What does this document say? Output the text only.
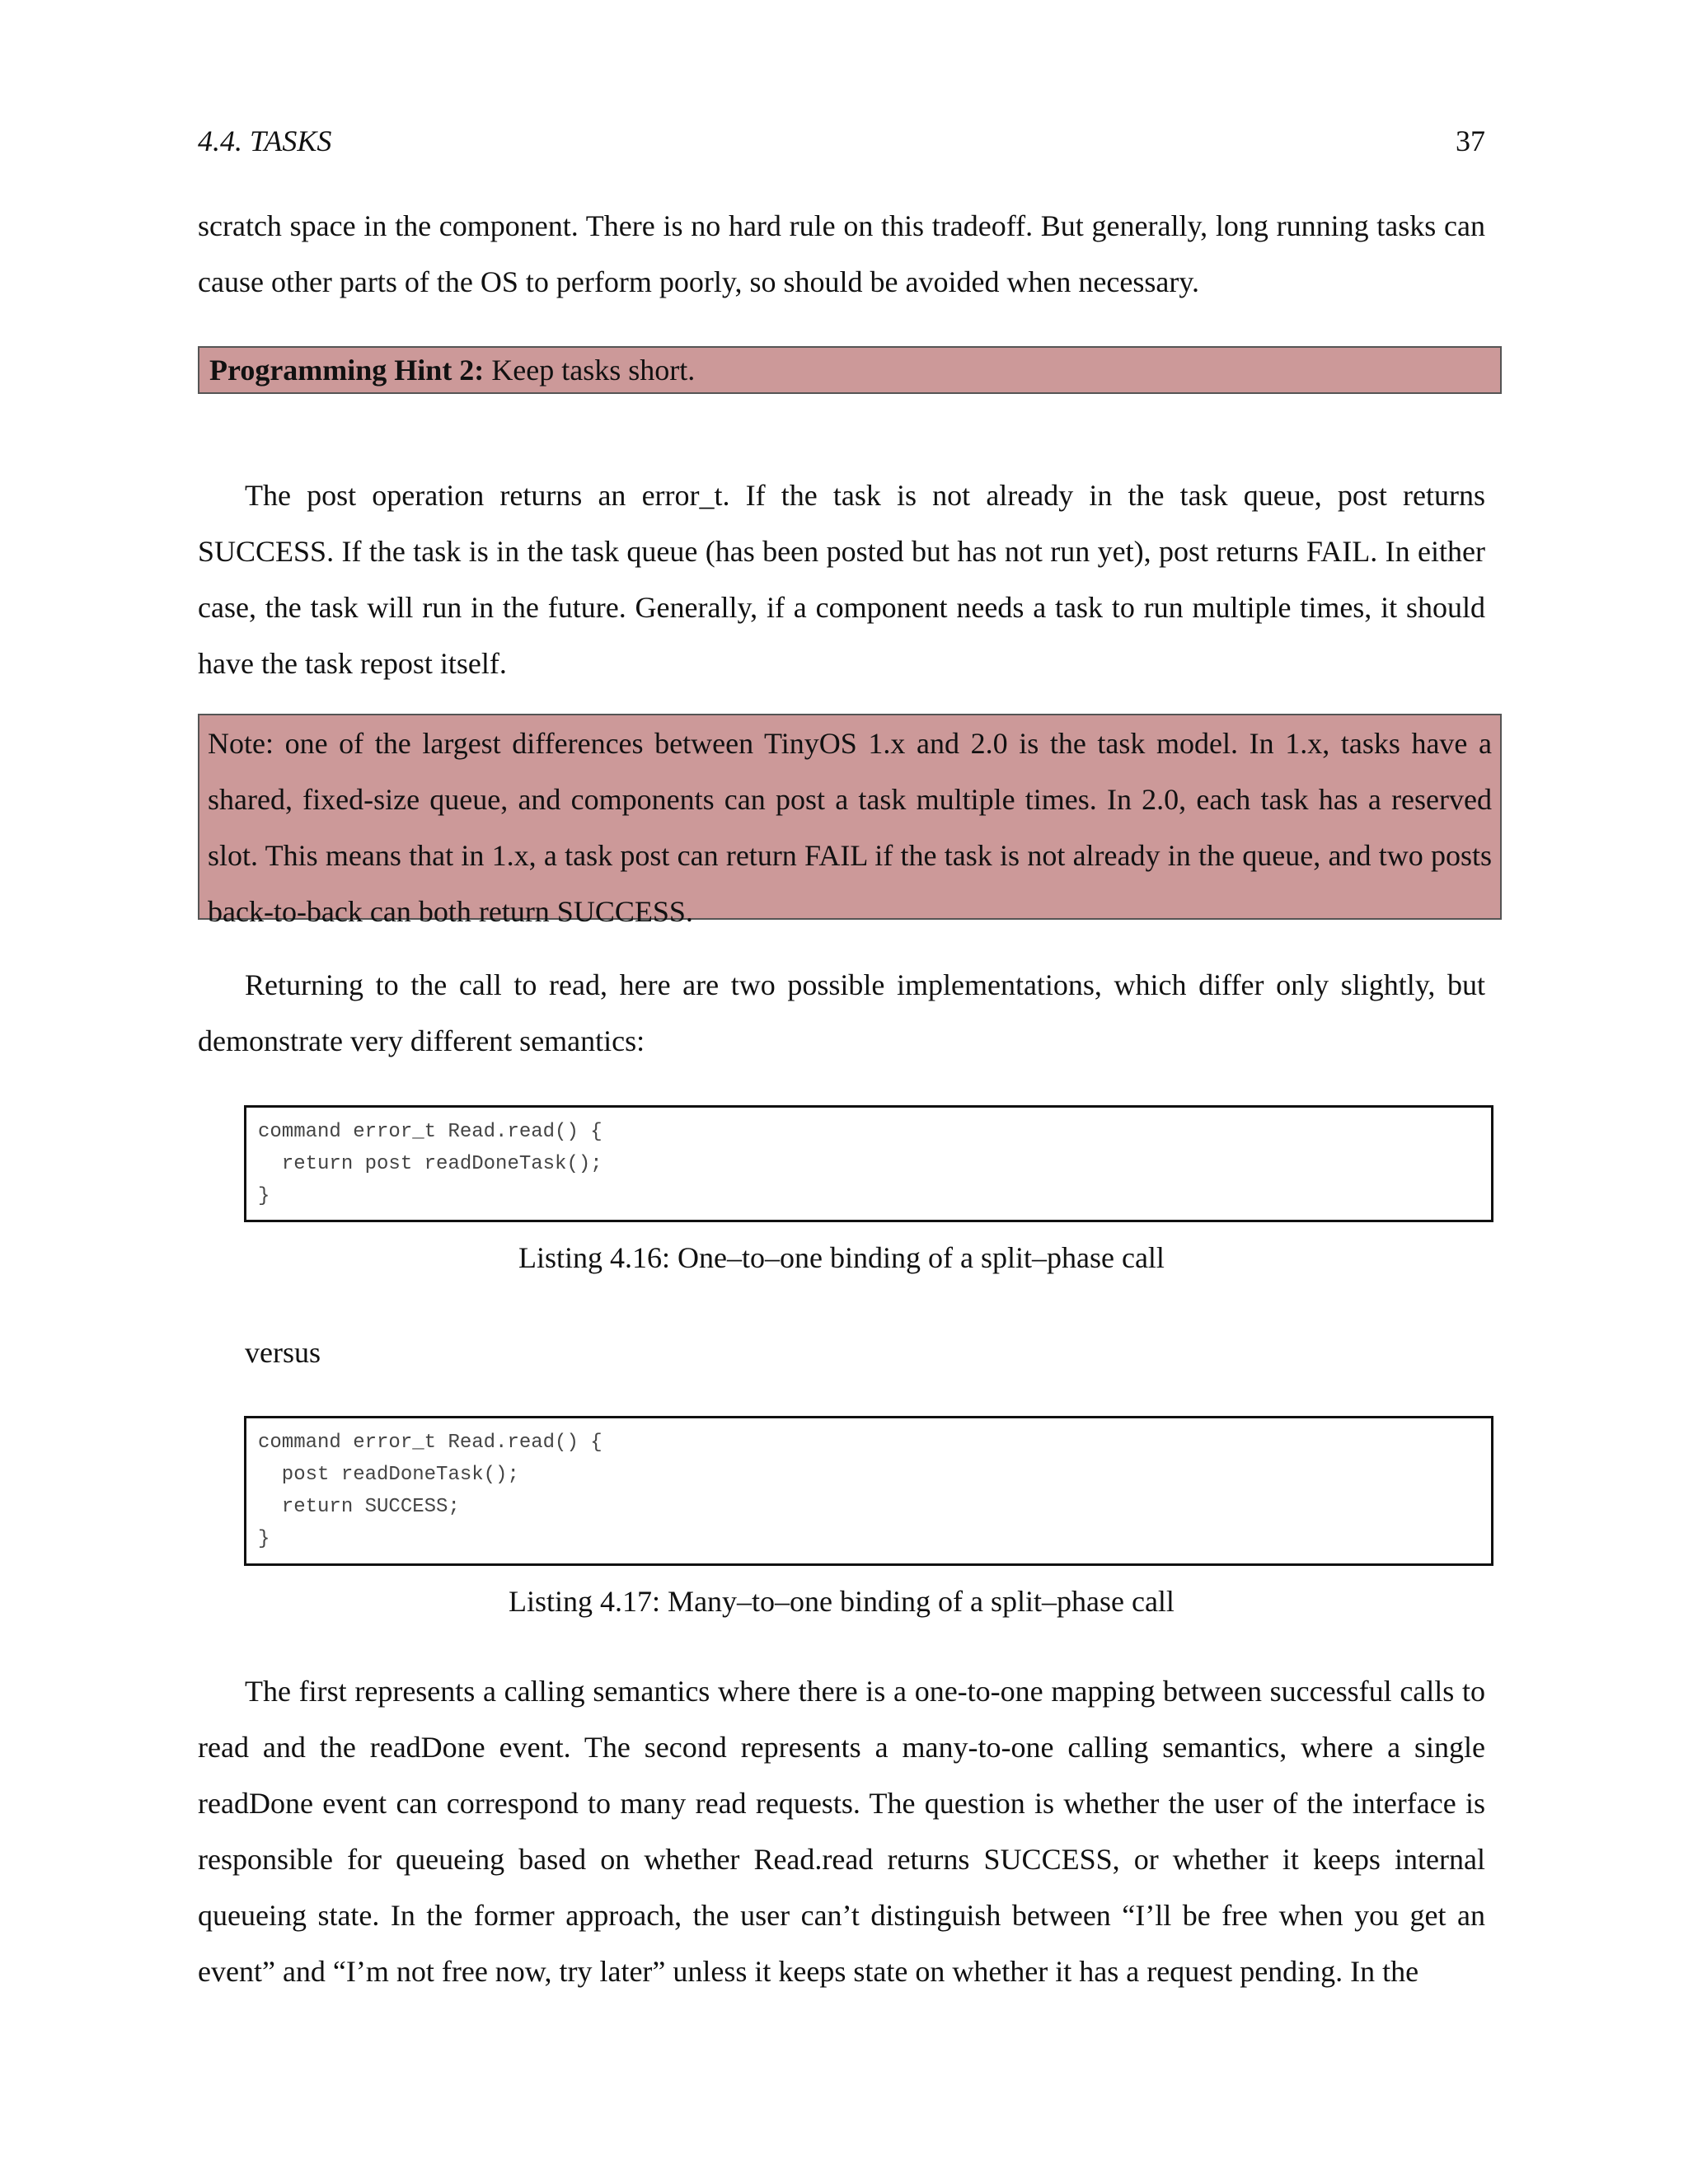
4.4. TASKS	37

scratch space in the component. There is no hard rule on this tradeoff. But generally, long running tasks can cause other parts of the OS to perform poorly, so should be avoided when necessary.

Programming Hint 2: Keep tasks short.

The post operation returns an error_t. If the task is not already in the task queue, post returns SUCCESS. If the task is in the task queue (has been posted but has not run yet), post returns FAIL. In either case, the task will run in the future. Generally, if a component needs a task to run multiple times, it should have the task repost itself.

Note: one of the largest differences between TinyOS 1.x and 2.0 is the task model. In 1.x, tasks have a shared, fixed-size queue, and components can post a task multiple times. In 2.0, each task has a reserved slot. This means that in 1.x, a task post can return FAIL if the task is not already in the queue, and two posts back-to-back can both return SUCCESS.

Returning to the call to read, here are two possible implementations, which differ only slightly, but demonstrate very different semantics:

command error_t Read.read() {
return post readDoneTask();
}
Listing 4.16: One–to–one binding of a split–phase call
versus
command error_t Read.read() {
post readDoneTask();
return SUCCESS;
}
Listing 4.17: Many–to–one binding of a split–phase call

The first represents a calling semantics where there is a one-to-one mapping between successful calls to read and the readDone event. The second represents a many-to-one calling semantics, where a single readDone event can correspond to many read requests. The question is whether the user of the interface is responsible for queueing based on whether Read.read returns SUCCESS, or whether it keeps internal queueing state. In the former approach, the user can’t distinguish between “I’ll be free when you get an event” and “I’m not free now, try later” unless it keeps state on whether it has a request pending. In the
